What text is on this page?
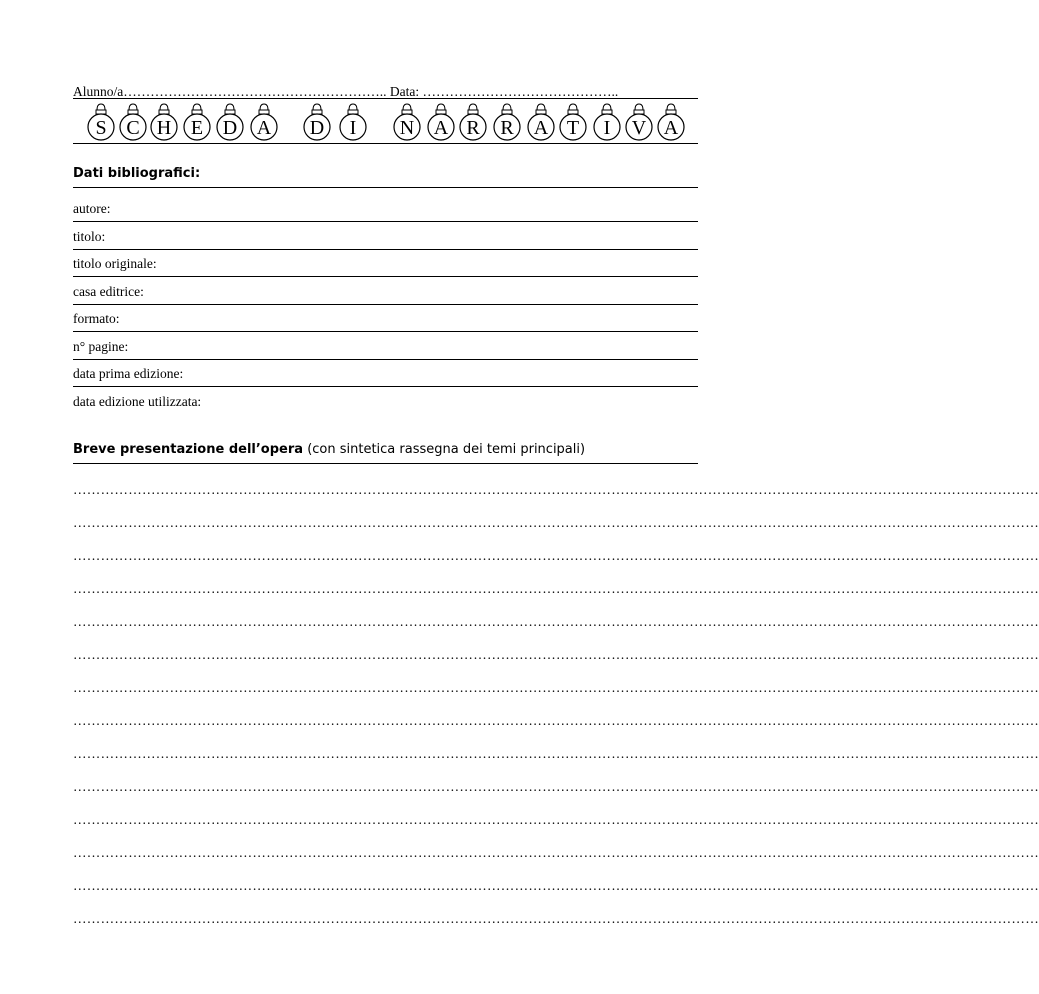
Alunno/a………………………………………………….. Data: ……………………………………..
S C H E D A D I N A R R A T I V A
Dati bibliografici:
autore:
titolo:
titolo originale:
casa editrice:
formato:
n° pagine:
data prima edizione:
data edizione utilizzata:
Breve presentazione dell’opera (con sintetica rassegna dei temi principali)
…………………………………………………………………………………………………………………………………………………………………………………………
…………………………………………………………………………………………………………………………………………………………………………………………
…………………………………………………………………………………………………………………………………………………………………………………………
…………………………………………………………………………………………………………………………………………………………………………………………
…………………………………………………………………………………………………………………………………………………………………………………………
…………………………………………………………………………………………………………………………………………………………………………………………
…………………………………………………………………………………………………………………………………………………………………………………………
…………………………………………………………………………………………………………………………………………………………………………………………
…………………………………………………………………………………………………………………………………………………………………………………………
…………………………………………………………………………………………………………………………………………………………………………………………
…………………………………………………………………………………………………………………………………………………………………………………………
…………………………………………………………………………………………………………………………………………………………………………………………
…………………………………………………………………………………………………………………………………………………………………………………………
…………………………………………………………………………………………………………………………………………………………………………………………
